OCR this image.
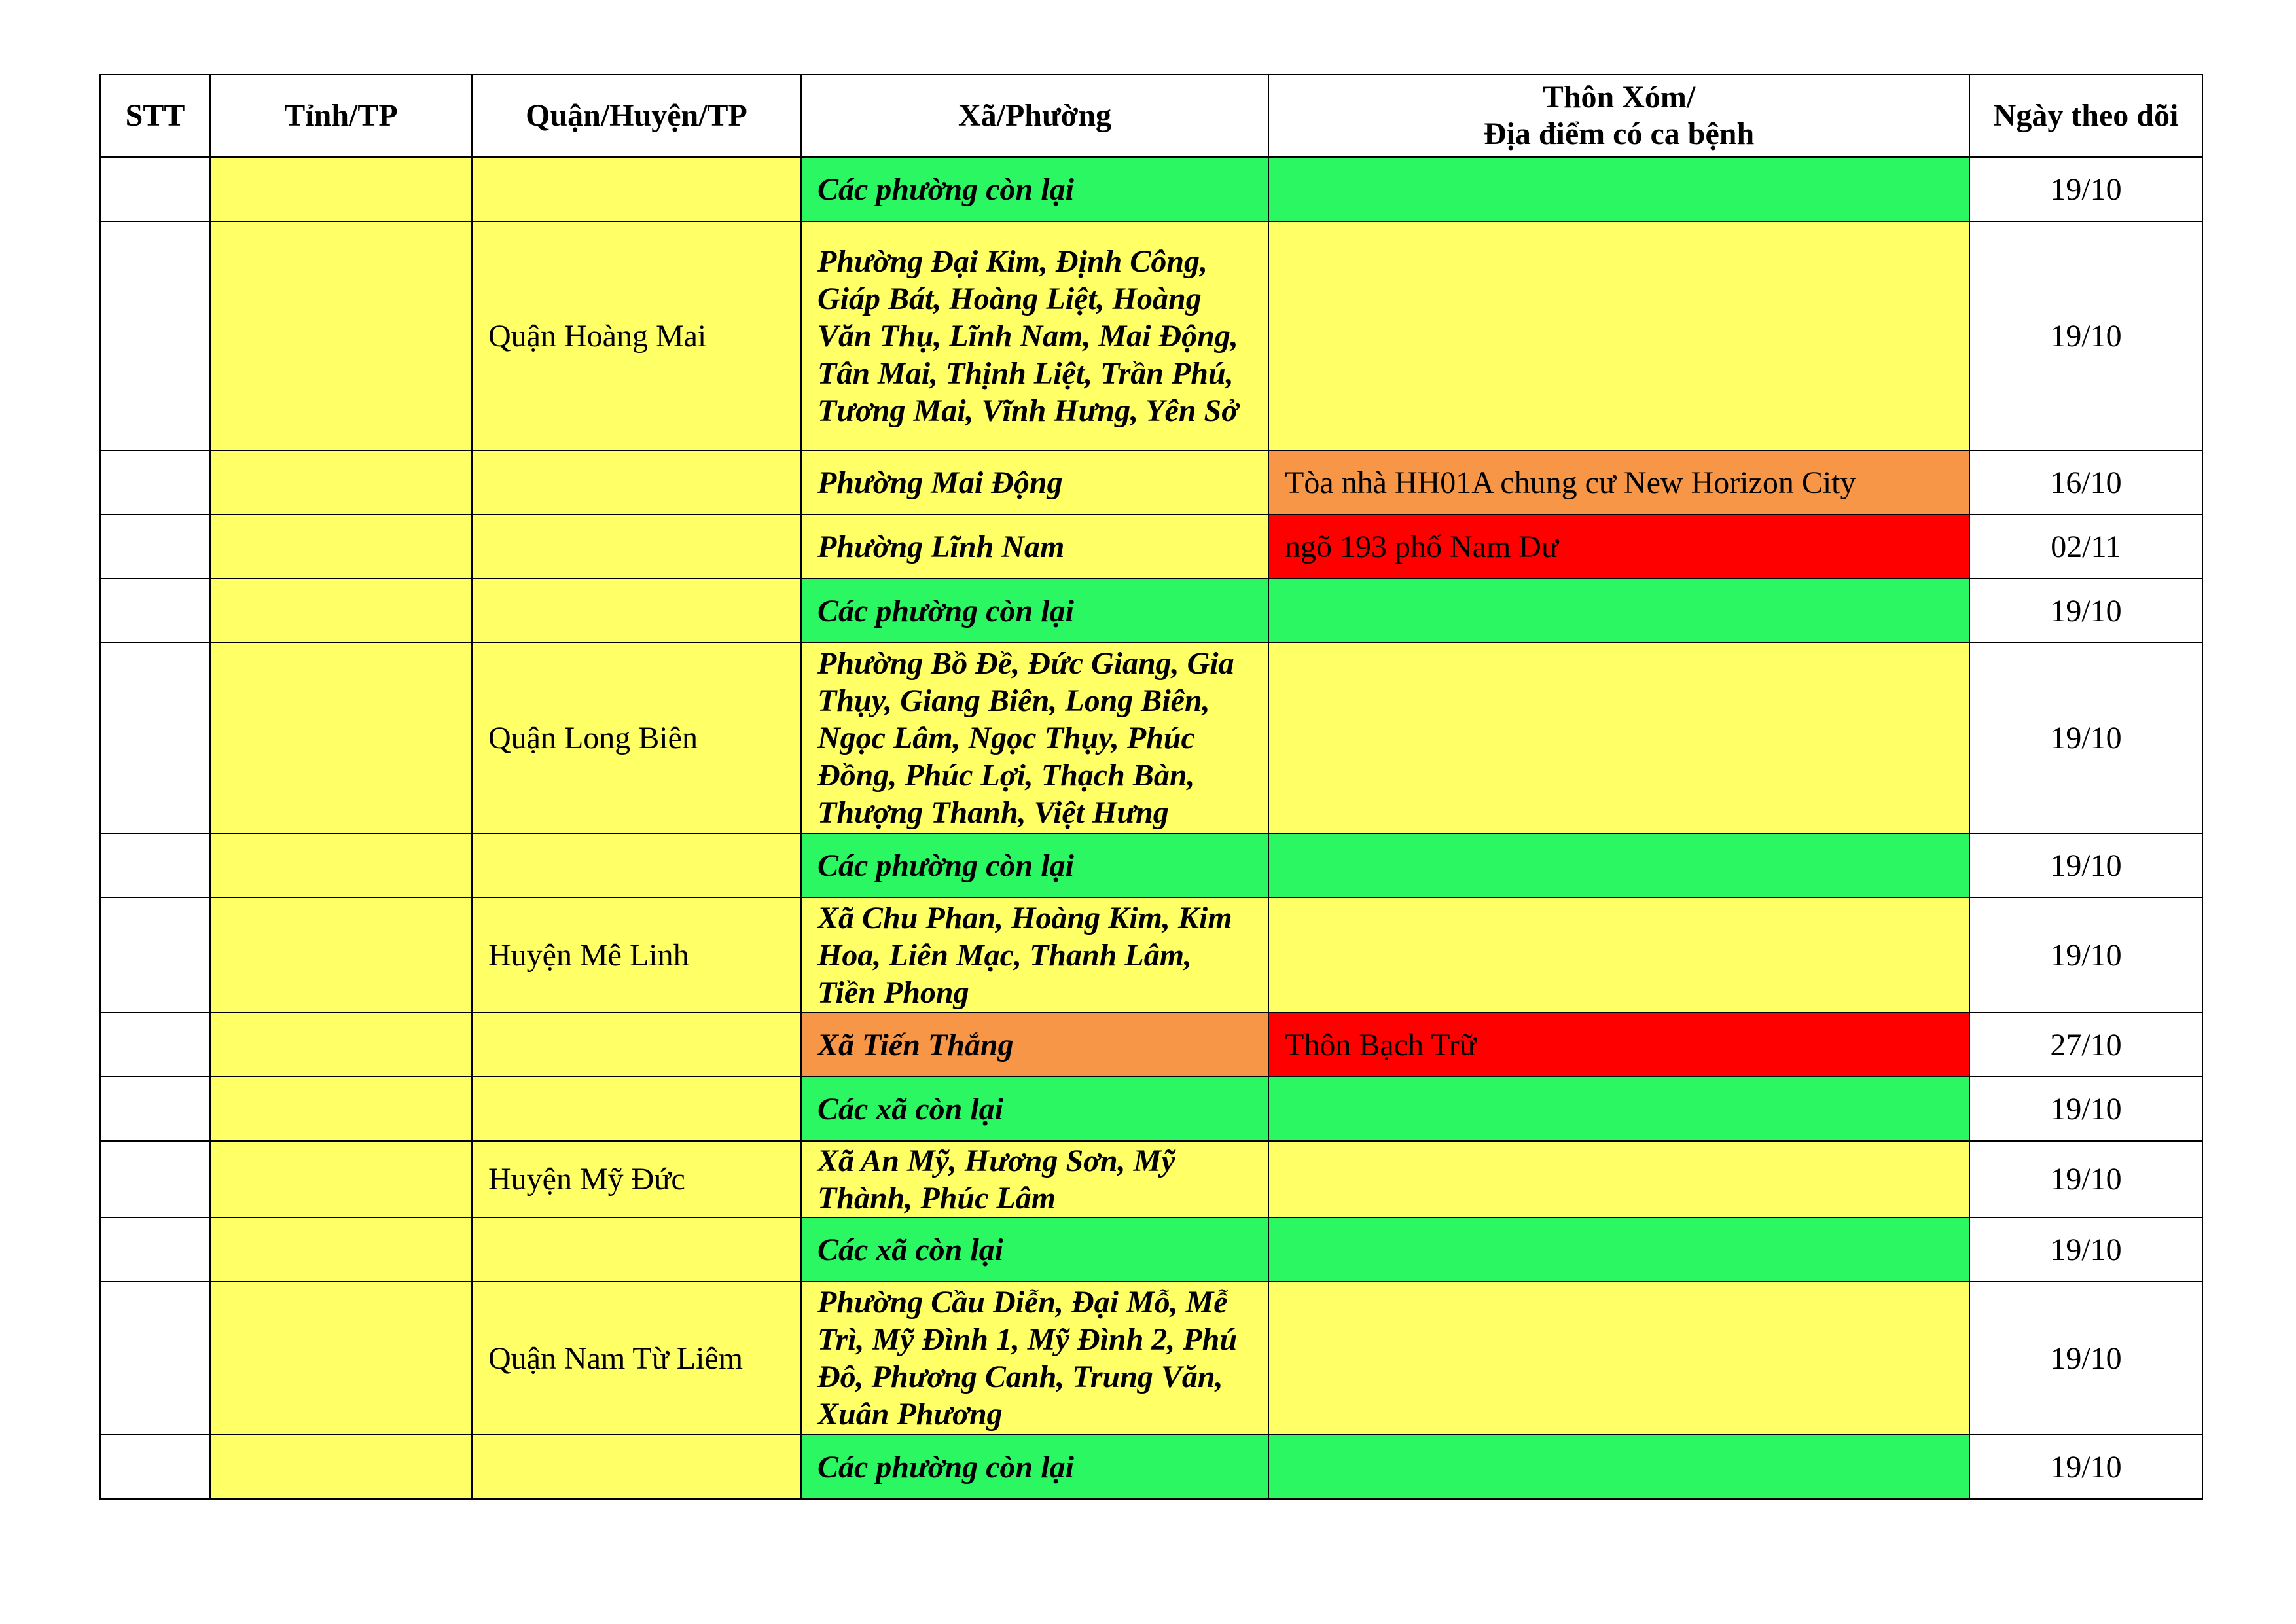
STT	Tỉnh/TP	Quận/Huyện/TP	Xã/Phường	Thôn Xóm/
Địa điểm có ca bệnh	Ngày theo dõi
			Các phường còn lại		19/10
		Quận Hoàng Mai	Phường Đại Kim, Định Công, Giáp Bát, Hoàng Liệt, Hoàng Văn Thụ, Lĩnh Nam, Mai Động, Tân Mai, Thịnh Liệt, Trần Phú, Tương Mai, Vĩnh Hưng, Yên Sở		19/10
			Phường Mai Động	Tòa nhà HH01A chung cư New Horizon City	16/10
			Phường Lĩnh Nam	ngõ 193 phố Nam Dư	02/11
			Các phường còn lại		19/10
		Quận Long Biên	Phường Bồ Đề, Đức Giang, Gia Thụy, Giang Biên, Long Biên, Ngọc Lâm, Ngọc Thụy, Phúc Đồng, Phúc Lợi, Thạch Bàn, Thượng Thanh, Việt Hưng		19/10
			Các phường còn lại		19/10
		Huyện Mê Linh	Xã Chu Phan, Hoàng Kim, Kim Hoa, Liên Mạc, Thanh Lâm, Tiền Phong		19/10
			Xã Tiến Thắng	Thôn Bạch Trữ	27/10
			Các xã còn lại		19/10
		Huyện Mỹ Đức	Xã An Mỹ, Hương Sơn, Mỹ Thành, Phúc Lâm		19/10
			Các xã còn lại		19/10
		Quận Nam Từ Liêm	Phường Cầu Diễn, Đại Mỗ, Mễ Trì, Mỹ Đình 1, Mỹ Đình 2, Phú Đô, Phương Canh, Trung Văn, Xuân Phương		19/10
			Các phường còn lại		19/10
